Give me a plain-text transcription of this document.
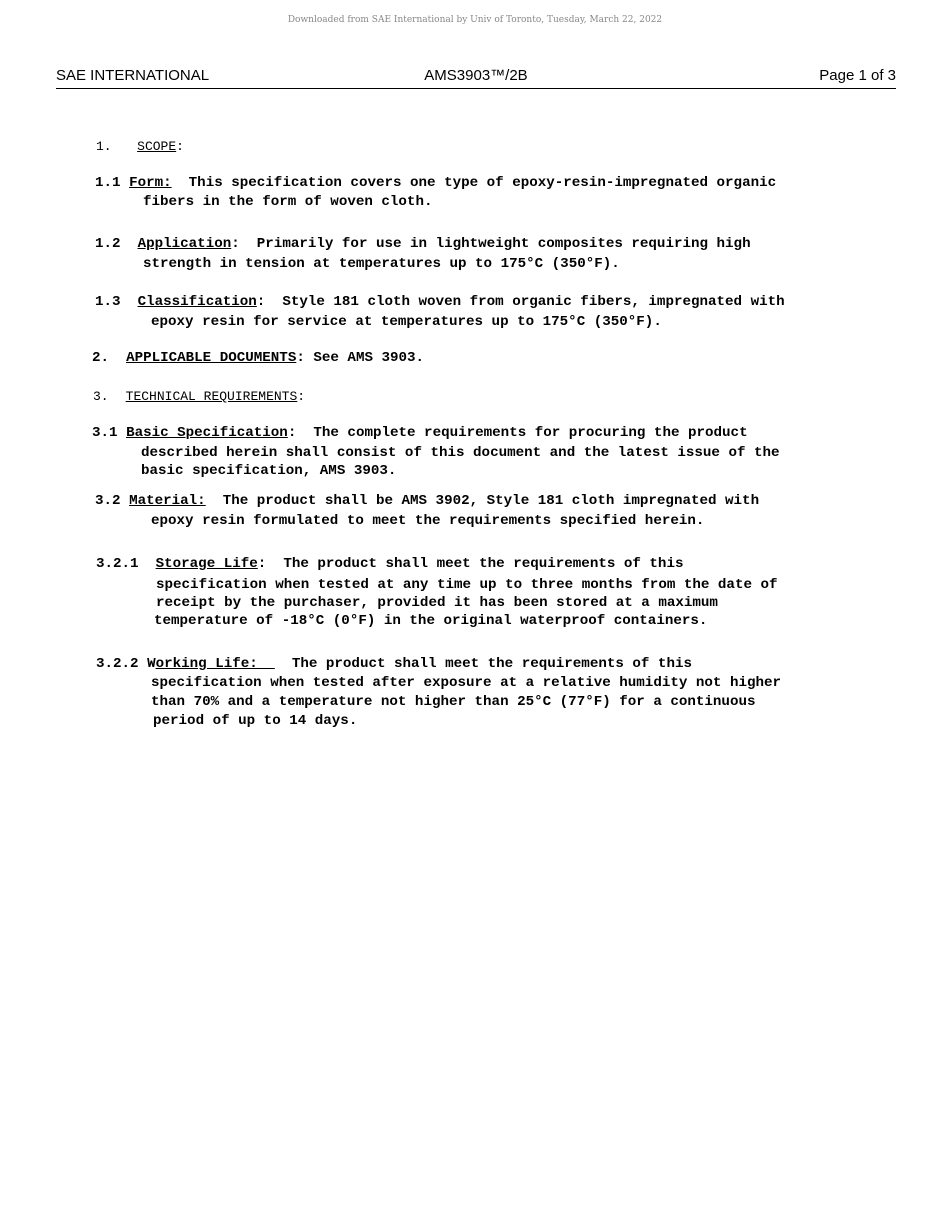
Downloaded from SAE International by Univ of Toronto, Tuesday, March 22, 2022
SAE INTERNATIONAL	AMS3903™/2B	Page 1 of 3

1. SCOPE:

1.1 Form:  This specification covers one type of epoxy-resin-impregnated organic

fibers in the form of woven cloth.

1.2 Application:  Primarily for use in lightweight composites requiring high

strength in tension at temperatures up to 175°C (350°F).

1.3 Classification:  Style 181 cloth woven from organic fibers, impregnated with

epoxy resin for service at temperatures up to 175°C (350°F).

2. APPLICABLE DOCUMENTS: See AMS 3903.

3. TECHNICAL REQUIREMENTS:

3.1 Basic Specification:  The complete requirements for procuring the product

described herein shall consist of this document and the latest issue of the

basic specification, AMS 3903.

3.2 Material:  The product shall be AMS 3902, Style 181 cloth impregnated with

epoxy resin formulated to meet the requirements specified herein.

3.2.1 Storage Life:  The product shall meet the requirements of this

specification when tested at any time up to three months from the date of

receipt by the purchaser, provided it has been stored at a maximum

temperature of -18°C (0°F) in the original waterproof containers.

3.2.2 Working Life:    The product shall meet the requirements of this

specification when tested after exposure at a relative humidity not higher

than 70% and a temperature not higher than 25°C (77°F) for a continuous

period of up to 14 days.
